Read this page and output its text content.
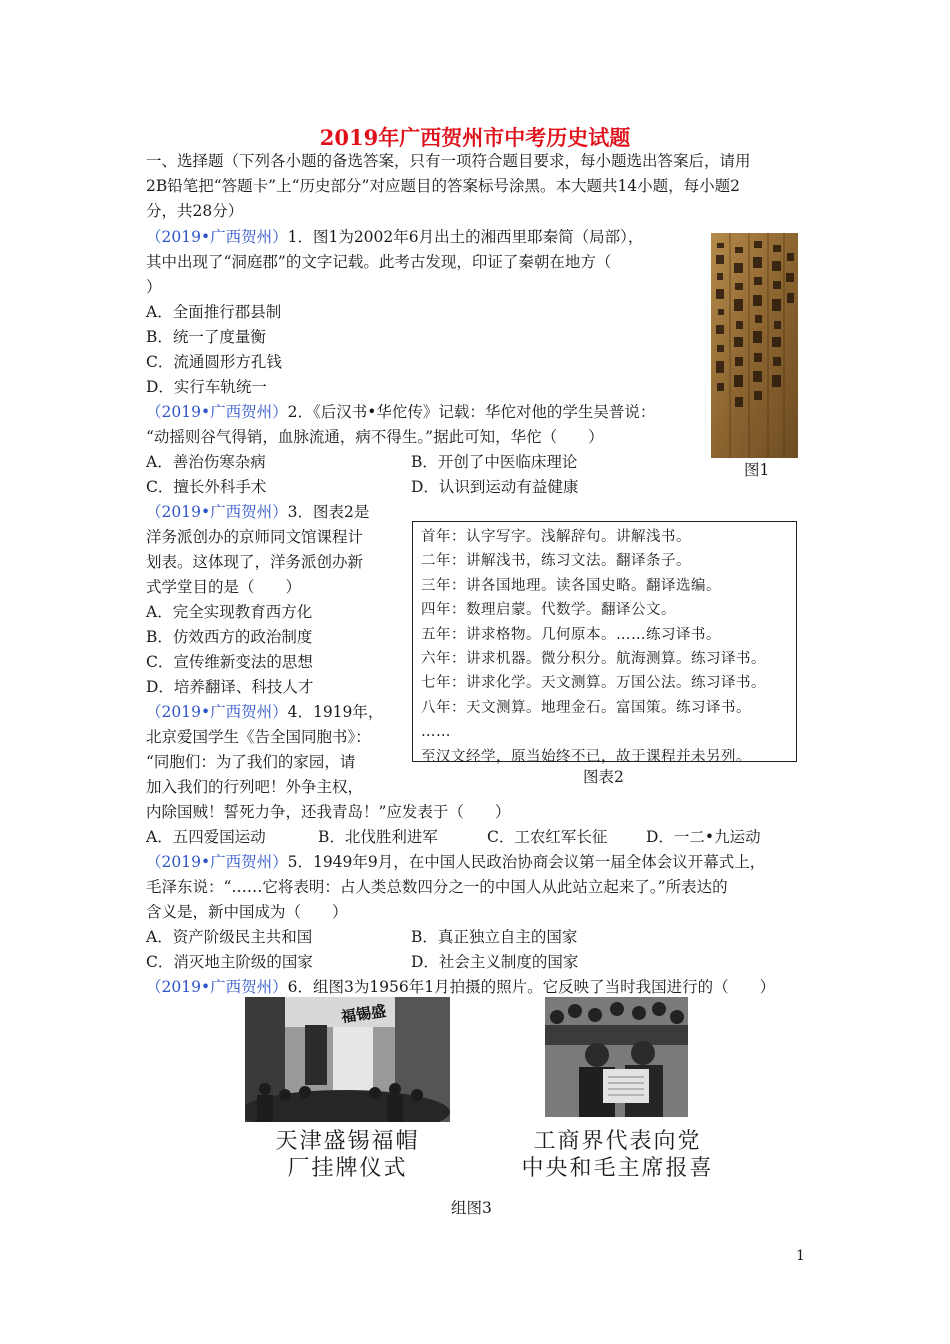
2019年广西贺州市中考历史试题
一、选择题（下列各小题的备选答案，只有一项符合题目要求，每小题选出答案后，请用
2B铅笔把“答题卡”上“历史部分”对应题目的答案标号涂黑。本大题共14小题，每小题2
分，共28分）
（2019•广西贺州）1．图1为2002年6月出土的湘西里耶秦简（局部），
其中出现了“洞庭郡”的文字记载。此考古发现，印证了秦朝在地方（
）
A．全面推行郡县制
B．统一了度量衡
C．流通圆形方孔钱
D．实行车轨统一
图1
（2019•广西贺州）2．《后汉书•华佗传》记载：华佗对他的学生吴普说：
“动摇则谷气得销，血脉流通，病不得生。”据此可知，华佗（　　）
A．善治伤寒杂病	B．开创了中医临床理论
C．擅长外科手术	D．认识到运动有益健康
（2019•广西贺州）3．图表2是
洋务派创办的京师同文馆课程计
划表。这体现了，洋务派创办新
式学堂目的是（　　）
A．完全实现教育西方化
B．仿效西方的政治制度
C．宣传维新变法的思想
D．培养翻译、科技人才
首年：认字写字。浅解辞句。讲解浅书。
二年：讲解浅书，练习文法。翻译条子。
三年：讲各国地理。读各国史略。翻译选编。
四年：数理启蒙。代数学。翻译公文。
五年：讲求格物。几何原本。……练习译书。
六年：讲求机器。微分积分。航海测算。练习译书。
七年：讲求化学。天文测算。万国公法。练习译书。
八年：天文测算。地理金石。富国策。练习译书。
……
至汉文经学，原当始终不已，故于课程并未另列。
图表2
（2019•广西贺州）4．1919年，
北京爱国学生《告全国同胞书》：
“同胞们：为了我们的家园，请
加入我们的行列吧！外争主权，
内除国贼！誓死力争，还我青岛！”应发表于（　　）
A．五四爱国运动	B．北伐胜利进军	C．工农红军长征 D．一二•九运动
（2019•广西贺州）5．1949年9月，在中国人民政治协商会议第一届全体会议开幕式上，
毛泽东说：“……它将表明：占人类总数四分之一的中国人从此站立起来了。”所表达的
含义是，新中国成为（　　）
A．资产阶级民主共和国	B．真正独立自主的国家
C．消灭地主阶级的国家	D．社会主义制度的国家
（2019•广西贺州）6．组图3为1956年1月拍摄的照片。它反映了当时我国进行的（　　）
福锡盛
天津盛锡福帽
厂挂牌仪式
工商界代表向党
中央和毛主席报喜
组图3
1
